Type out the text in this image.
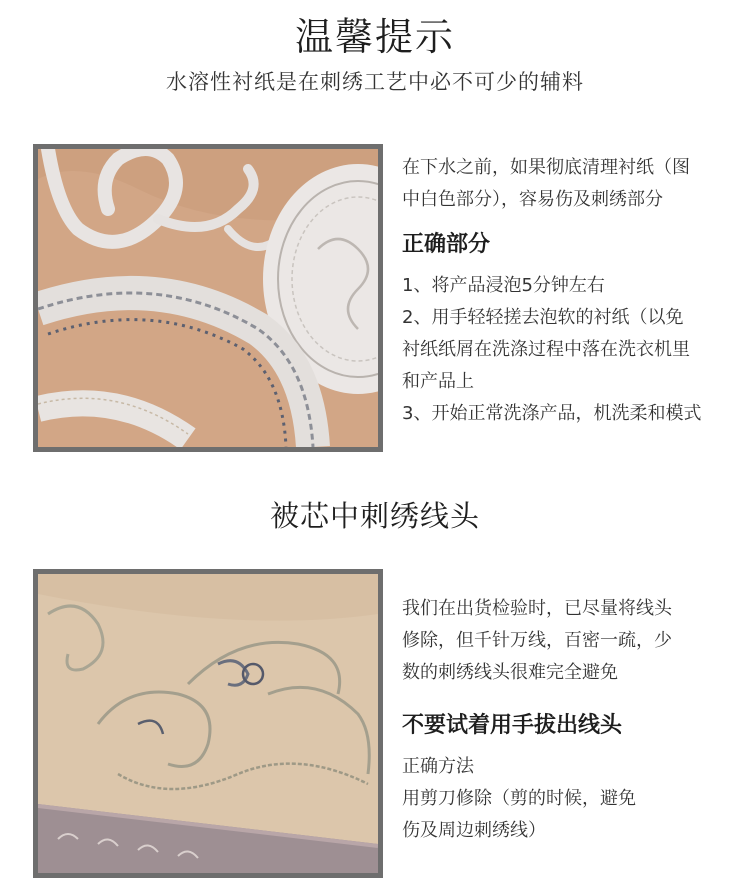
温馨提示
水溶性衬纸是在刺绣工艺中必不可少的辅料

在下水之前，如果彻底清理衬纸（图

中白色部分），容易伤及刺绣部分

正确部分

1、将产品浸泡5分钟左右

2、用手轻轻搓去泡软的衬纸（以免

衬纸纸屑在洗涤过程中落在洗衣机里

和产品上

3、开始正常洗涤产品，机洗柔和模式

被芯中刺绣线头

我们在出货检验时，已尽量将线头

修除，但千针万线，百密一疏，少

数的刺绣线头很难完全避免

不要试着用手拔出线头

正确方法

用剪刀修除（剪的时候，避免

伤及周边刺绣线）
